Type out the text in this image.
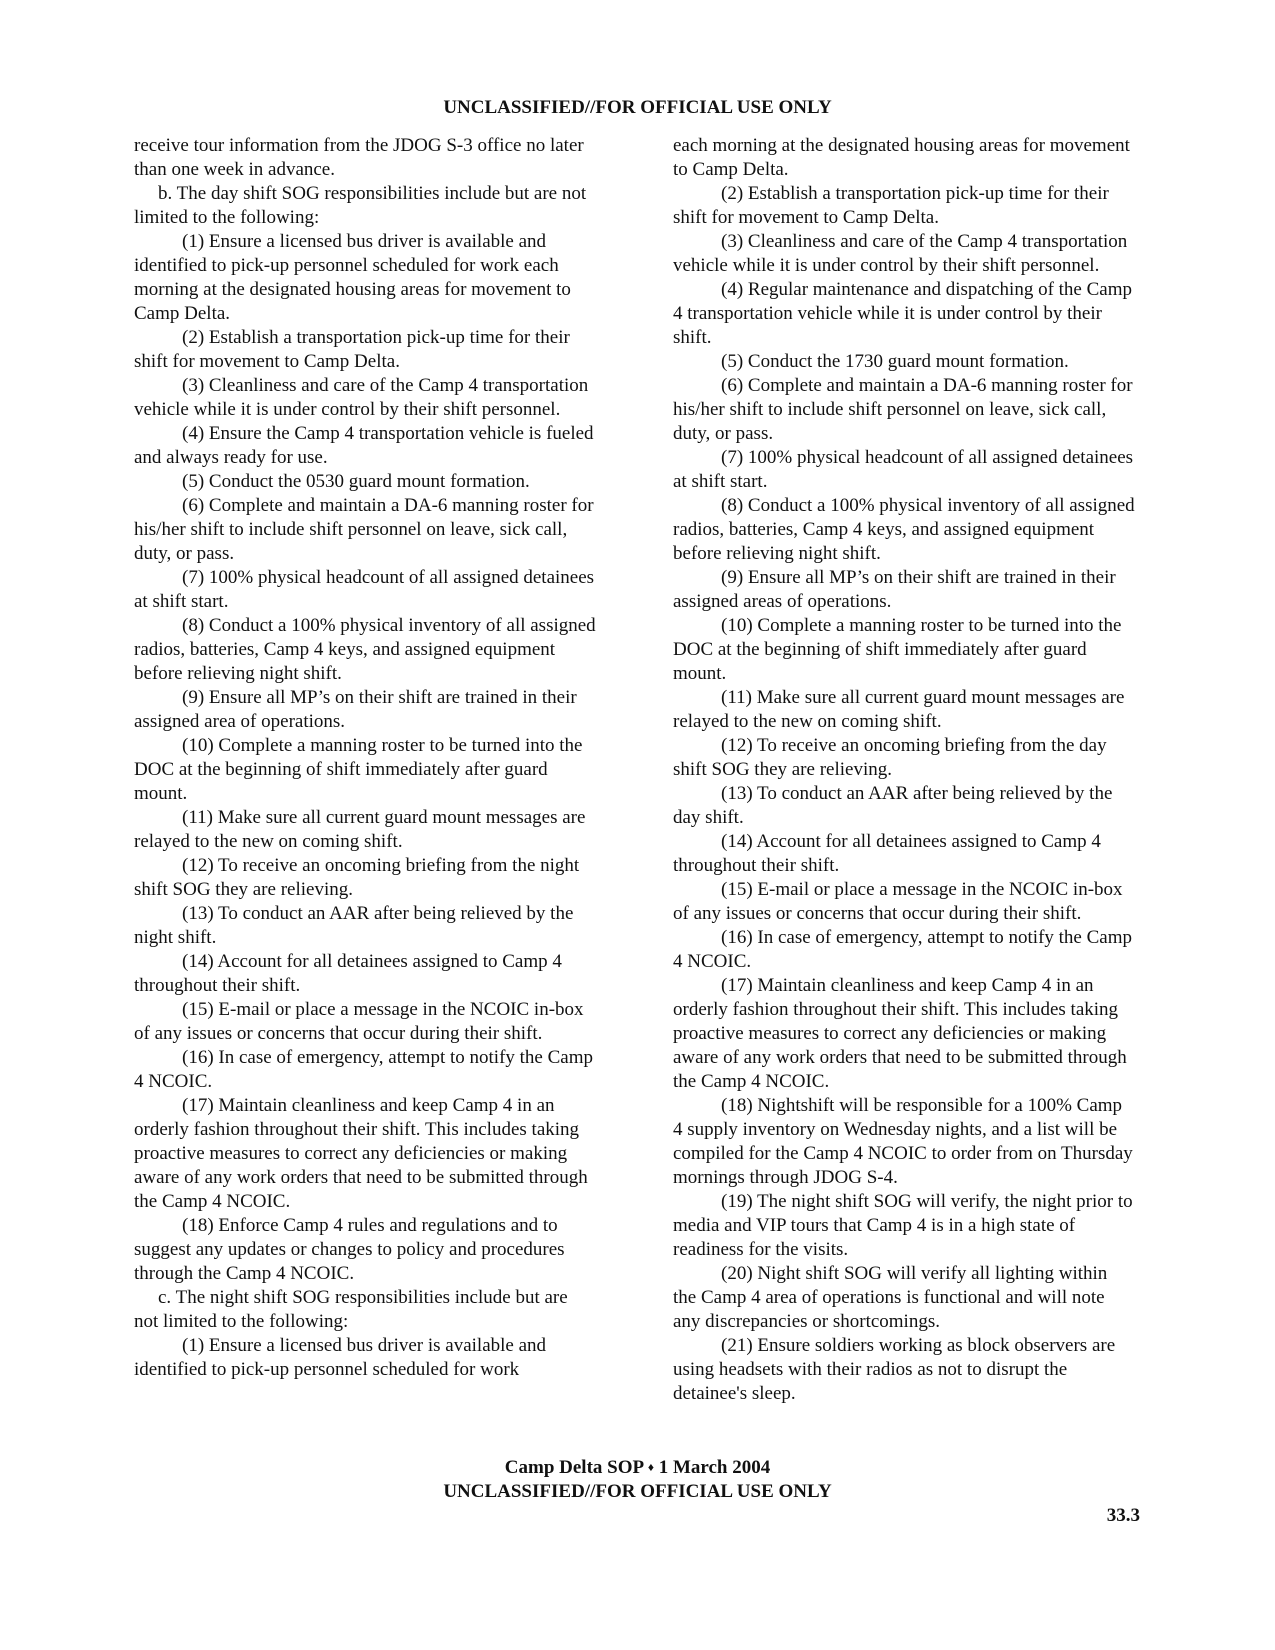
UNCLASSIFIED//FOR OFFICIAL USE ONLY

receive tour information from the JDOG S-3 office no later than one week in advance.

b. The day shift SOG responsibilities include but are not limited to the following:

(1) Ensure a licensed bus driver is available and identified to pick-up personnel scheduled for work each morning at the designated housing areas for movement to Camp Delta.

(2) Establish a transportation pick-up time for their shift for movement to Camp Delta.

(3) Cleanliness and care of the Camp 4 transportation vehicle while it is under control by their shift personnel.

(4) Ensure the Camp 4 transportation vehicle is fueled and always ready for use.

(5) Conduct the 0530 guard mount formation.

(6) Complete and maintain a DA-6 manning roster for his/her shift to include shift personnel on leave, sick call, duty, or pass.

(7) 100% physical headcount of all assigned detainees at shift start.

(8) Conduct a 100% physical inventory of all assigned radios, batteries, Camp 4 keys, and assigned equipment before relieving night shift.

(9) Ensure all MP’s on their shift are trained in their assigned area of operations.

(10) Complete a manning roster to be turned into the DOC at the beginning of shift immediately after guard mount.

(11) Make sure all current guard mount messages are relayed to the new on coming shift.

(12) To receive an oncoming briefing from the night shift SOG they are relieving.

(13) To conduct an AAR after being relieved by the night shift.

(14) Account for all detainees assigned to Camp 4 throughout their shift.

(15) E-mail or place a message in the NCOIC in-box of any issues or concerns that occur during their shift.

(16) In case of emergency, attempt to notify the Camp 4 NCOIC.

(17) Maintain cleanliness and keep Camp 4 in an orderly fashion throughout their shift. This includes taking proactive measures to correct any deficiencies or making aware of any work orders that need to be submitted through the Camp 4 NCOIC.

(18) Enforce Camp 4 rules and regulations and to suggest any updates or changes to policy and procedures through the Camp 4 NCOIC.

c. The night shift SOG responsibilities include but are not limited to the following:

(1) Ensure a licensed bus driver is available and identified to pick-up personnel scheduled for work

each morning at the designated housing areas for movement to Camp Delta.

(2) Establish a transportation pick-up time for their shift for movement to Camp Delta.

(3) Cleanliness and care of the Camp 4 transportation vehicle while it is under control by their shift personnel.

(4) Regular maintenance and dispatching of the Camp 4 transportation vehicle while it is under control by their shift.

(5) Conduct the 1730 guard mount formation.

(6) Complete and maintain a DA-6 manning roster for his/her shift to include shift personnel on leave, sick call, duty, or pass.

(7) 100% physical headcount of all assigned detainees at shift start.

(8) Conduct a 100% physical inventory of all assigned radios, batteries, Camp 4 keys, and assigned equipment before relieving night shift.

(9) Ensure all MP’s on their shift are trained in their assigned areas of operations.

(10) Complete a manning roster to be turned into the DOC at the beginning of shift immediately after guard mount.

(11) Make sure all current guard mount messages are relayed to the new on coming shift.

(12) To receive an oncoming briefing from the day shift SOG they are relieving.

(13) To conduct an AAR after being relieved by the day shift.

(14) Account for all detainees assigned to Camp 4 throughout their shift.

(15) E-mail or place a message in the NCOIC in-box of any issues or concerns that occur during their shift.

(16) In case of emergency, attempt to notify the Camp 4 NCOIC.

(17) Maintain cleanliness and keep Camp 4 in an orderly fashion throughout their shift. This includes taking proactive measures to correct any deficiencies or making aware of any work orders that need to be submitted through the Camp 4 NCOIC.

(18) Nightshift will be responsible for a 100% Camp 4 supply inventory on Wednesday nights, and a list will be compiled for the Camp 4 NCOIC to order from on Thursday mornings through JDOG S-4.

(19) The night shift SOG will verify, the night prior to media and VIP tours that Camp 4 is in a high state of readiness for the visits.

(20) Night shift SOG will verify all lighting within the Camp 4 area of operations is functional and will note any discrepancies or shortcomings.

(21) Ensure soldiers working as block observers are using headsets with their radios as not to disrupt the detainee's sleep.

Camp Delta SOP ♦ 1 March 2004
UNCLASSIFIED//FOR OFFICIAL USE ONLY
33.3
